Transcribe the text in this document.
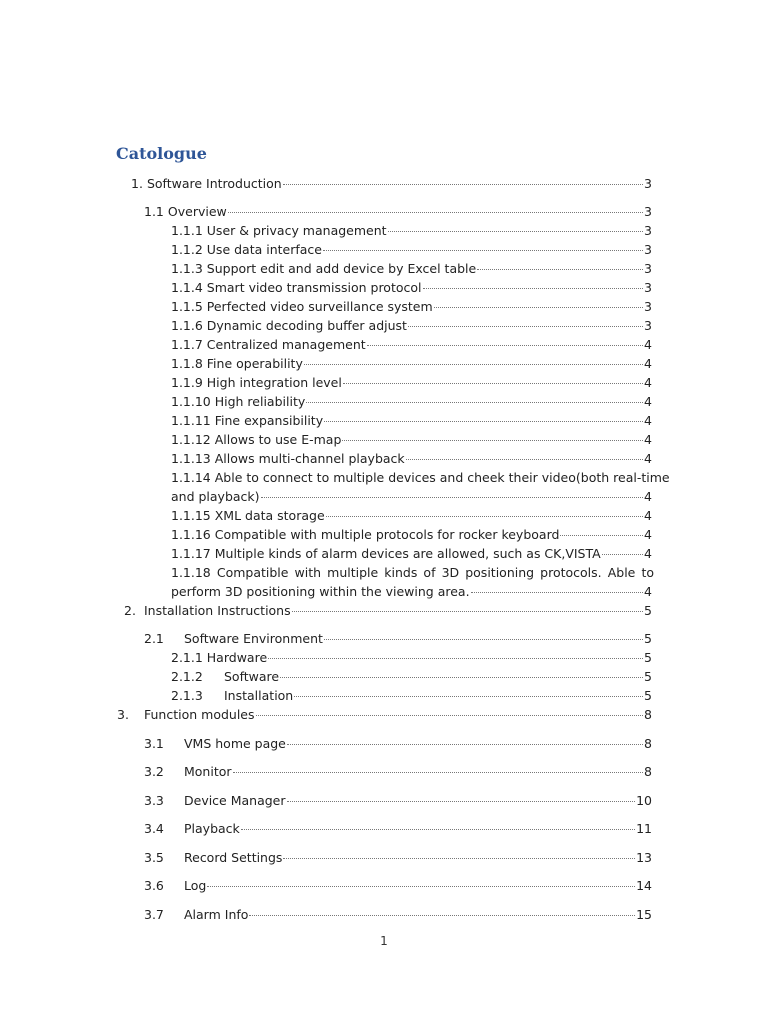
Catologue
1. Software Introduction	3
1.1 Overview	3
1.1.1 User & privacy management	3
1.1.2 Use data interface	3
1.1.3 Support edit and add device by Excel table	3
1.1.4 Smart video transmission protocol	3
1.1.5 Perfected video surveillance system	3
1.1.6 Dynamic decoding buffer adjust	3
1.1.7 Centralized management	4
1.1.8 Fine operability	4
1.1.9 High integration level	4
1.1.10 High reliability	4
1.1.11 Fine expansibility	4
1.1.12 Allows to use E-map	4
1.1.13 Allows multi-channel playback	4
1.1.14 Able to connect to multiple devices and cheek their video(both real-time
and playback)	4
1.1.15 XML data storage	4
1.1.16 Compatible with multiple protocols for rocker keyboard	4
1.1.17 Multiple kinds of alarm devices are allowed, such as CK,VISTA	4
1.1.18 Compatible with multiple kinds of 3D positioning protocols. Able to
perform 3D positioning within the viewing area.	4
2. Installation Instructions	5
2.1	Software Environment	5
2.1.1 Hardware	5
2.1.2	Software	5
2.1.3	Installation	5
3.	Function modules	8
3.1	VMS home page	8
3.2	Monitor	8
3.3	Device Manager	10
3.4	Playback	11
3.5	Record Settings	13
3.6	Log	14
3.7	Alarm Info	15
1
